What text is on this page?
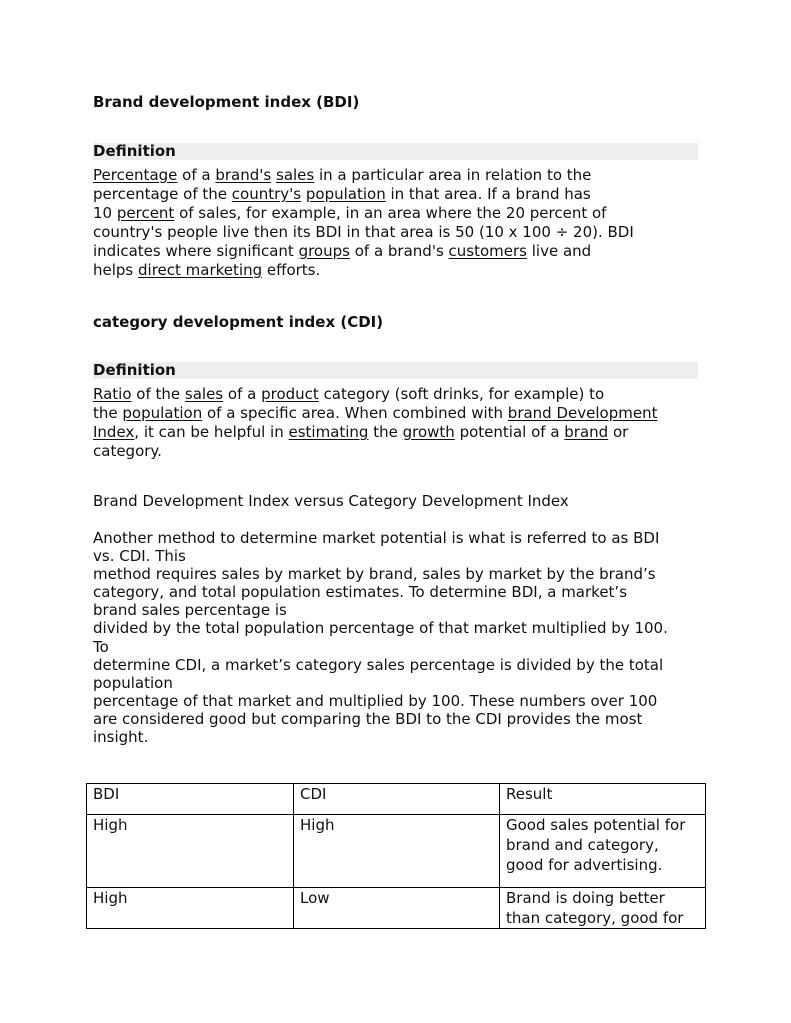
Brand development index (BDI)
Definition
Percentage of a brand's sales in a particular area in relation to the
percentage of the country's population in that area. If a brand has
10 percent of sales, for example, in an area where the 20 percent of
country's people live then its BDI in that area is 50 (10 x 100 ÷ 20). BDI
indicates where significant groups of a brand's customers live and
helps direct marketing efforts.
category development index (CDI)
Definition
Ratio of the sales of a product category (soft drinks, for example) to
the population of a specific area. When combined with brand Development
Index, it can be helpful in estimating the growth potential of a brand or
category.
Brand Development Index versus Category Development Index
Another method to determine market potential is what is referred to as BDI
vs. CDI. This
method requires sales by market by brand, sales by market by the brand’s
category, and total population estimates. To determine BDI, a market’s
brand sales percentage is
divided by the total population percentage of that market multiplied by 100.
To
determine CDI, a market’s category sales percentage is divided by the total
population
percentage of that market and multiplied by 100. These numbers over 100
are considered good but comparing the BDI to the CDI provides the most
insight.
BDI	CDI	Result
High	High	Good sales potential for brand and category, good for advertising.
High	Low	Brand is doing better than category, good for
